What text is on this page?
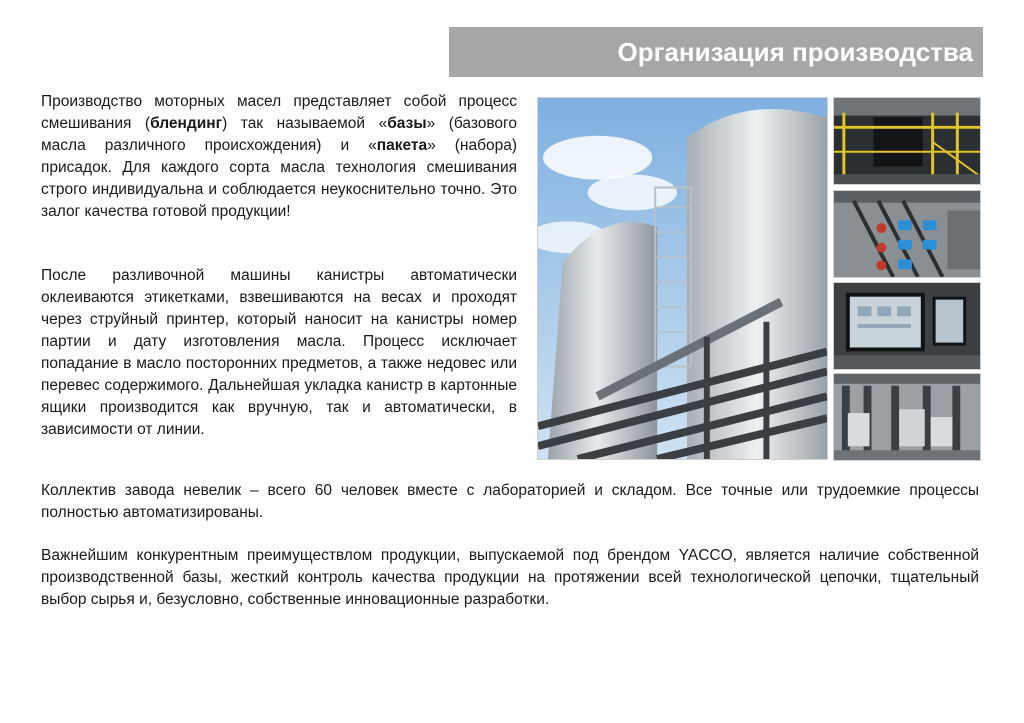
Организация производства

Производство моторных масел представляет собой процесс смешивания (блендинг) так называемой «базы» (базового масла различного происхождения) и «пакета» (набора) присадок. Для каждого сорта масла технология смешивания строго индивидуальна и соблюдается неукоснительно точно. Это залог качества готовой продукции!

После разливочной машины канистры автоматически оклеиваются этикетками, взвешиваются на весах и проходят через струйный принтер, который наносит на канистры номер партии и дату изготовления масла. Процесс исключает попадание в масло посторонних предметов, а также недовес или перевес содержимого. Дальнейшая укладка канистр в картонные ящики производится как вручную, так и автоматически, в зависимости от линии.

Коллектив завода невелик – всего 60 человек вместе с лабораторией и складом. Все точные или трудоемкие процессы полностью автоматизированы.

Важнейшим конкурентным преимуществлом продукции, выпускаемой под брендом YACCO, является наличие собственной производственной базы, жесткий контроль качества продукции на протяжении всей технологической цепочки, тщательный выбор сырья и, безусловно, собственные инновационные разработки.
